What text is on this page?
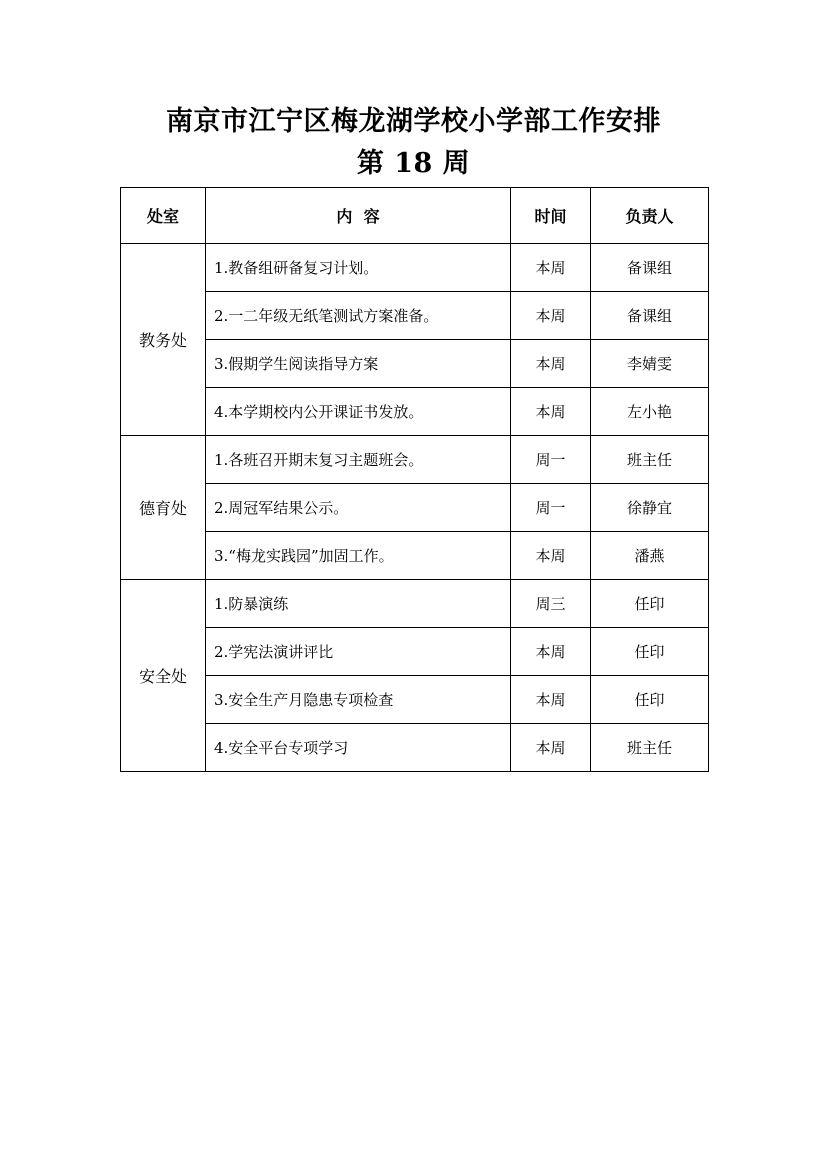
南京市江宁区梅龙湖学校小学部工作安排
第 18 周
处室	内  容	时间	负责人
教务处	1.教备组研备复习计划。	本周	备课组
	2.一二年级无纸笔测试方案准备。	本周	备课组
	3.假期学生阅读指导方案	本周	李婧雯
	4.本学期校内公开课证书发放。	本周	左小艳
德育处	1.各班召开期末复习主题班会。	周一	班主任
	2.周冠军结果公示。	周一	徐静宜
	3.“梅龙实践园”加固工作。	本周	潘燕
安全处	1.防暴演练	周三	任印
	2.学宪法演讲评比	本周	任印
	3.安全生产月隐患专项检查	本周	任印
	4.安全平台专项学习	本周	班主任
